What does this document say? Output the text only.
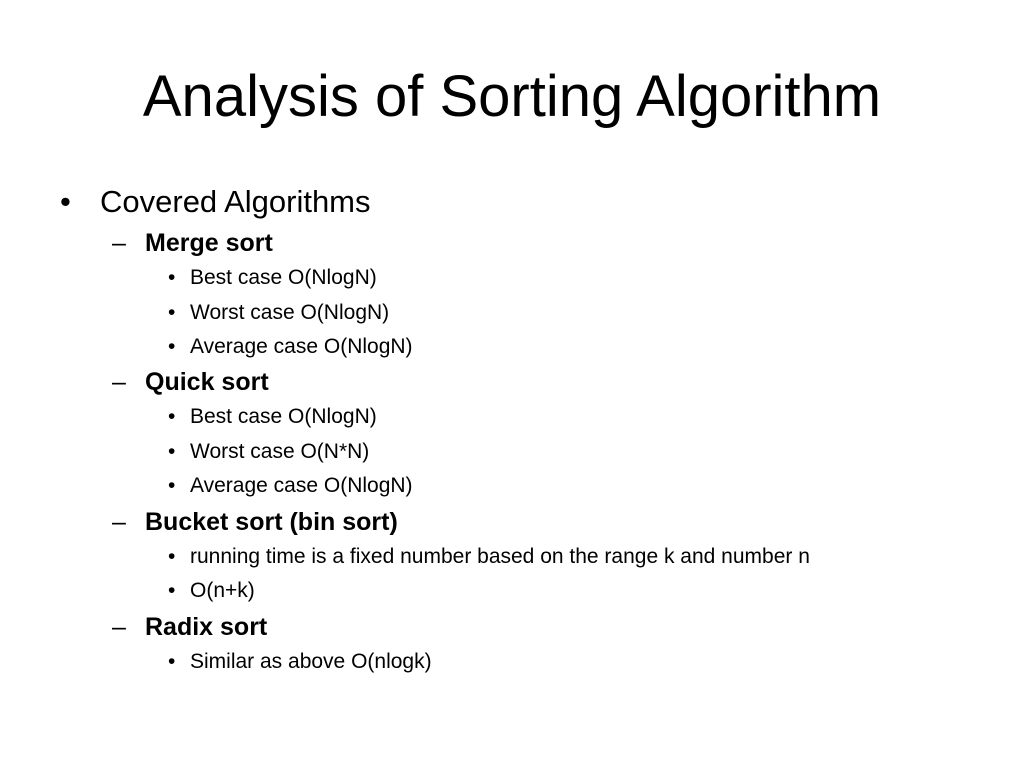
Analysis of Sorting Algorithm
• Covered Algorithms
– Merge sort
• Best case O(NlogN)
• Worst case O(NlogN)
• Average case O(NlogN)
– Quick sort
• Best case O(NlogN)
• Worst case O(N*N)
• Average case O(NlogN)
– Bucket sort (bin sort)
• running time is a fixed number based on the range k and number n
• O(n+k)
– Radix sort
• Similar as above O(nlogk)
